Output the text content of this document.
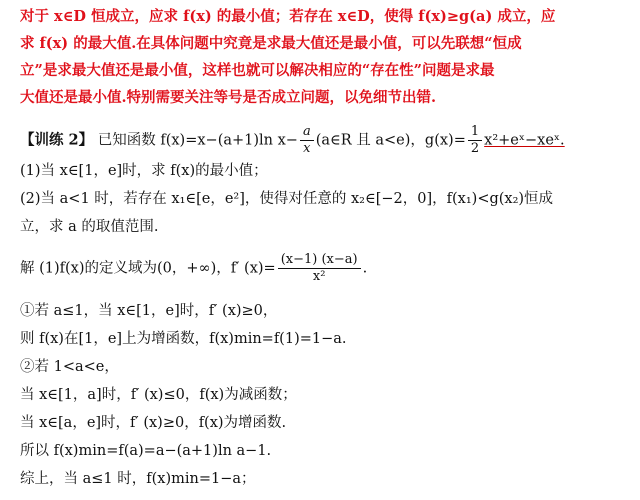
对于 x∈D 恒成立，应求 f(x) 的最小值；若存在 x∈D，使得 f(x)≥g(a) 成立，应
求 f(x) 的最大值.在具体问题中究竟是求最大值还是最小值，可以先联想“恒成
立”是求最大值还是最小值，这样也就可以解决相应的“存在性”问题是求最
大值还是最小值.特别需要关注等号是否成立问题，以免细节出错.
【训练 2】 已知函数 f(x)=x−(a+1)ln $x- \frac{a}{x}$ (a∈R 且 a<e)，$g(x)= \frac{1}{2}$ x²+eˣ−xeˣ.
(1)当 x∈[1，e]时，求 f(x)的最小值；
(2)当 a<1 时，若存在 x₁∈[e，e²]，使得对任意的 x₂∈[−2，0]，f(x₁)<g(x₂)恒成
立，求 a 的取值范围.
解 (1)f(x)的定义域为(0，+∞)，f′ $(x)= \frac{(x-1) (x-a)}{\text{x²}}$ .
①若 a≤1，当 x∈[1，e]时，f′ (x)≥0，
则 f(x)在[1，e]上为增函数，f(x)min=f(1)=1−a.
②若 1<a<e，
当 x∈[1，a]时，f′ (x)≤0，f(x)为减函数；
当 x∈[a，e]时，f′ (x)≥0，f(x)为增函数.
所以 f(x)min=f(a)=a−(a+1)ln a−1.
综上，当 a≤1 时，f(x)min=1−a；
